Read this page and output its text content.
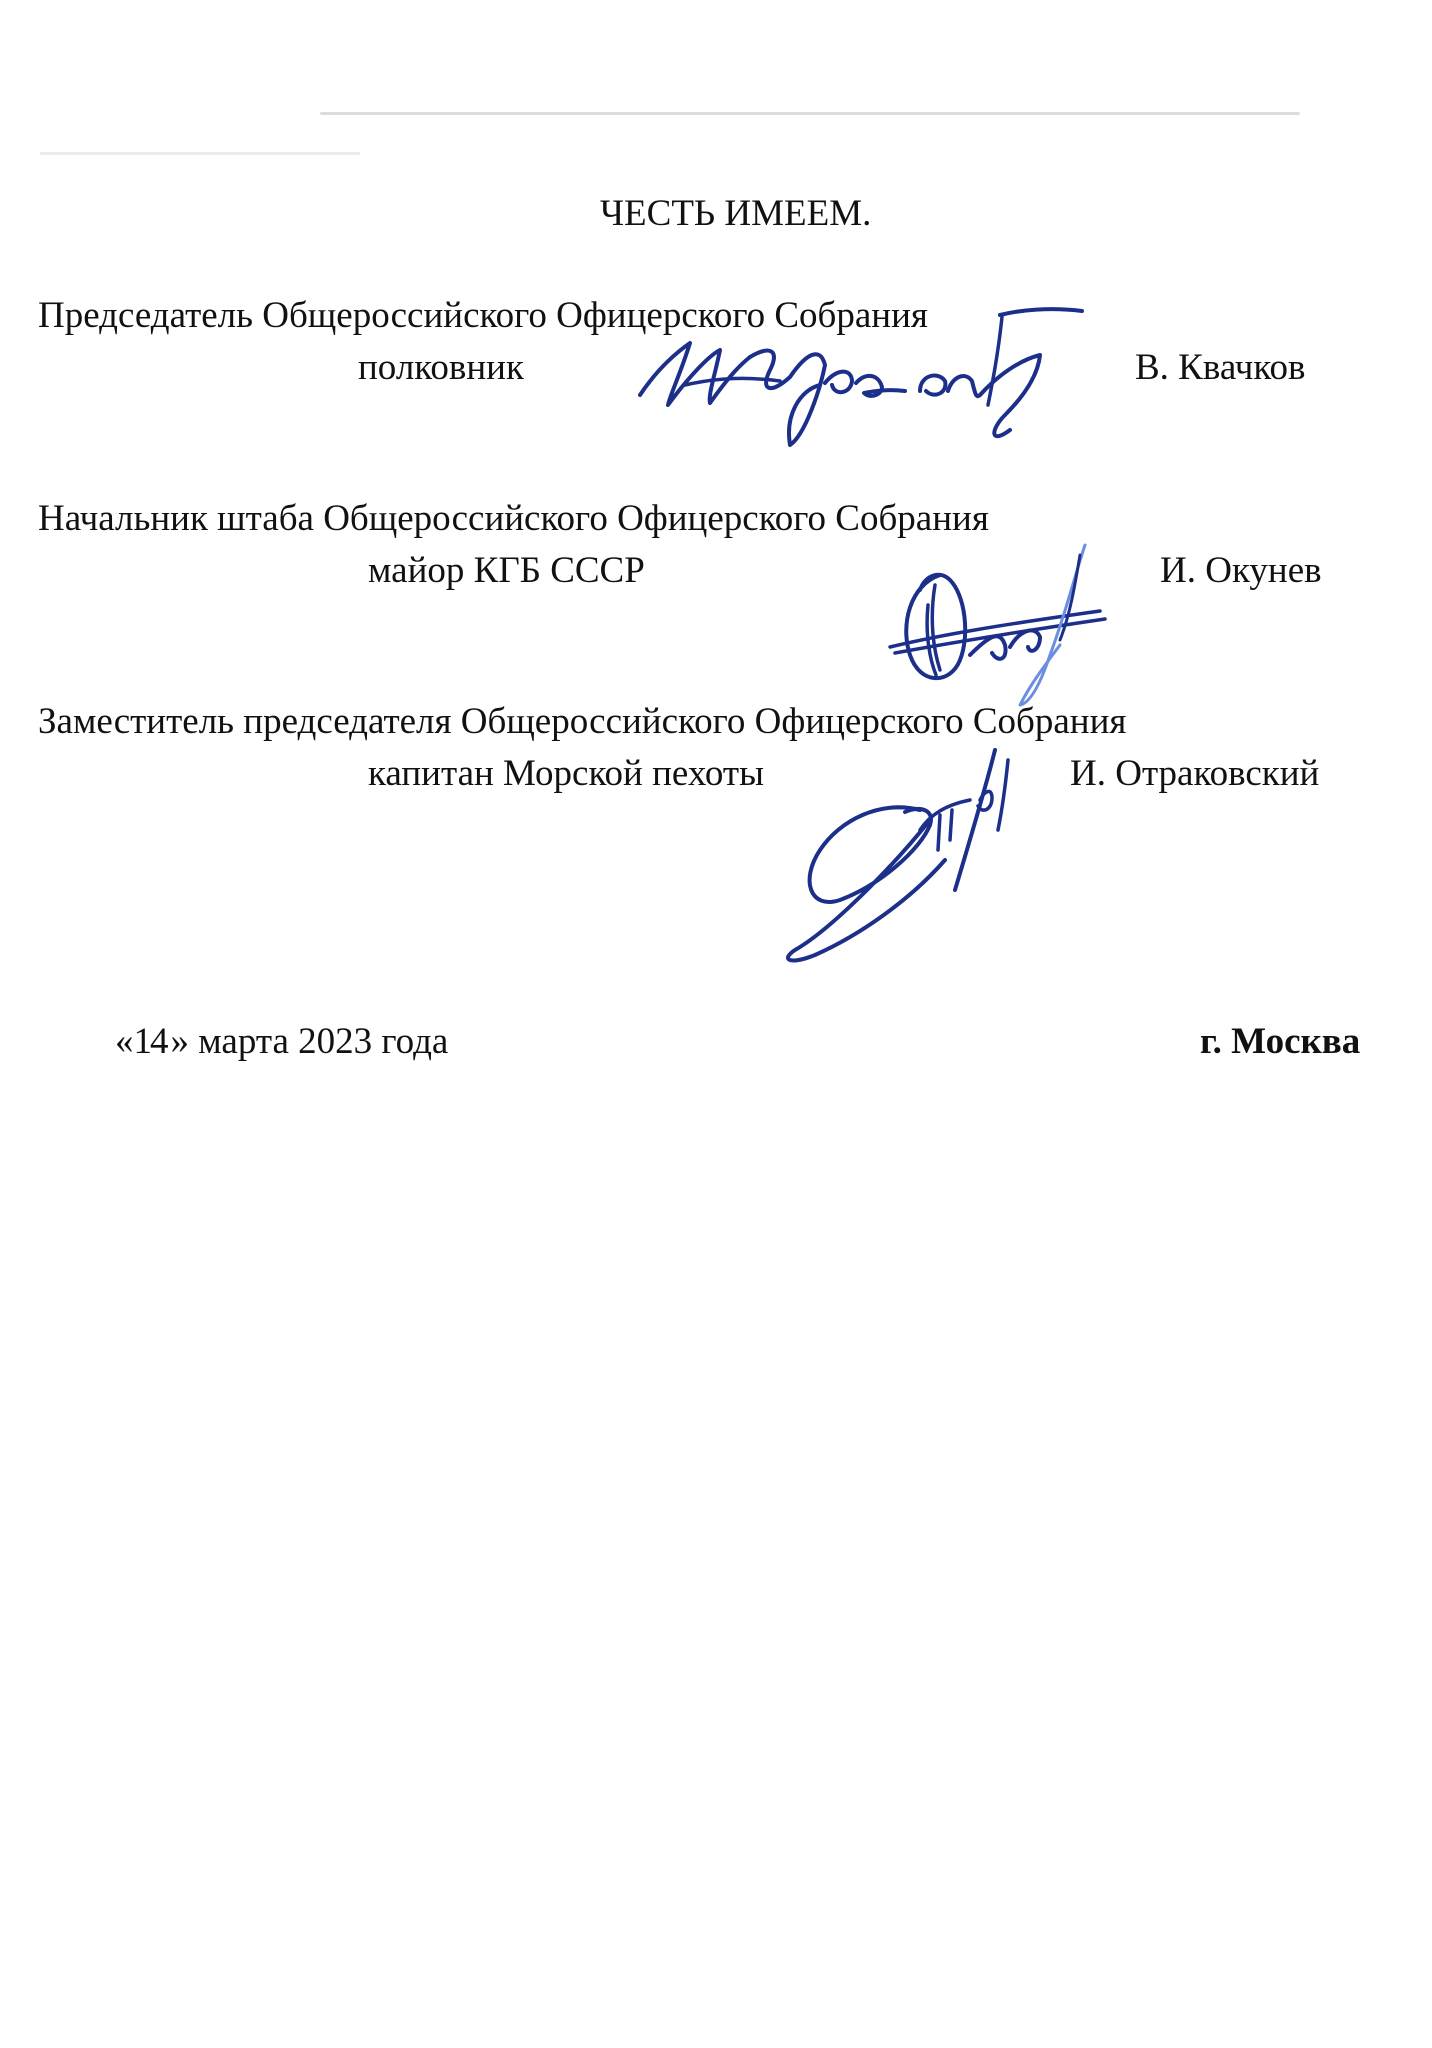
ЧЕСТЬ ИМЕЕМ.
Председатель Общероссийского Офицерского Собрания
полковник	В. Квачков
Начальник штаба Общероссийского Офицерского Собрания
майор КГБ СССР	И. Окунев
Заместитель председателя Общероссийского Офицерского Собрания
капитан Морской пехоты	И. Отраковский
«14 » марта 2023 года	г. Москва
